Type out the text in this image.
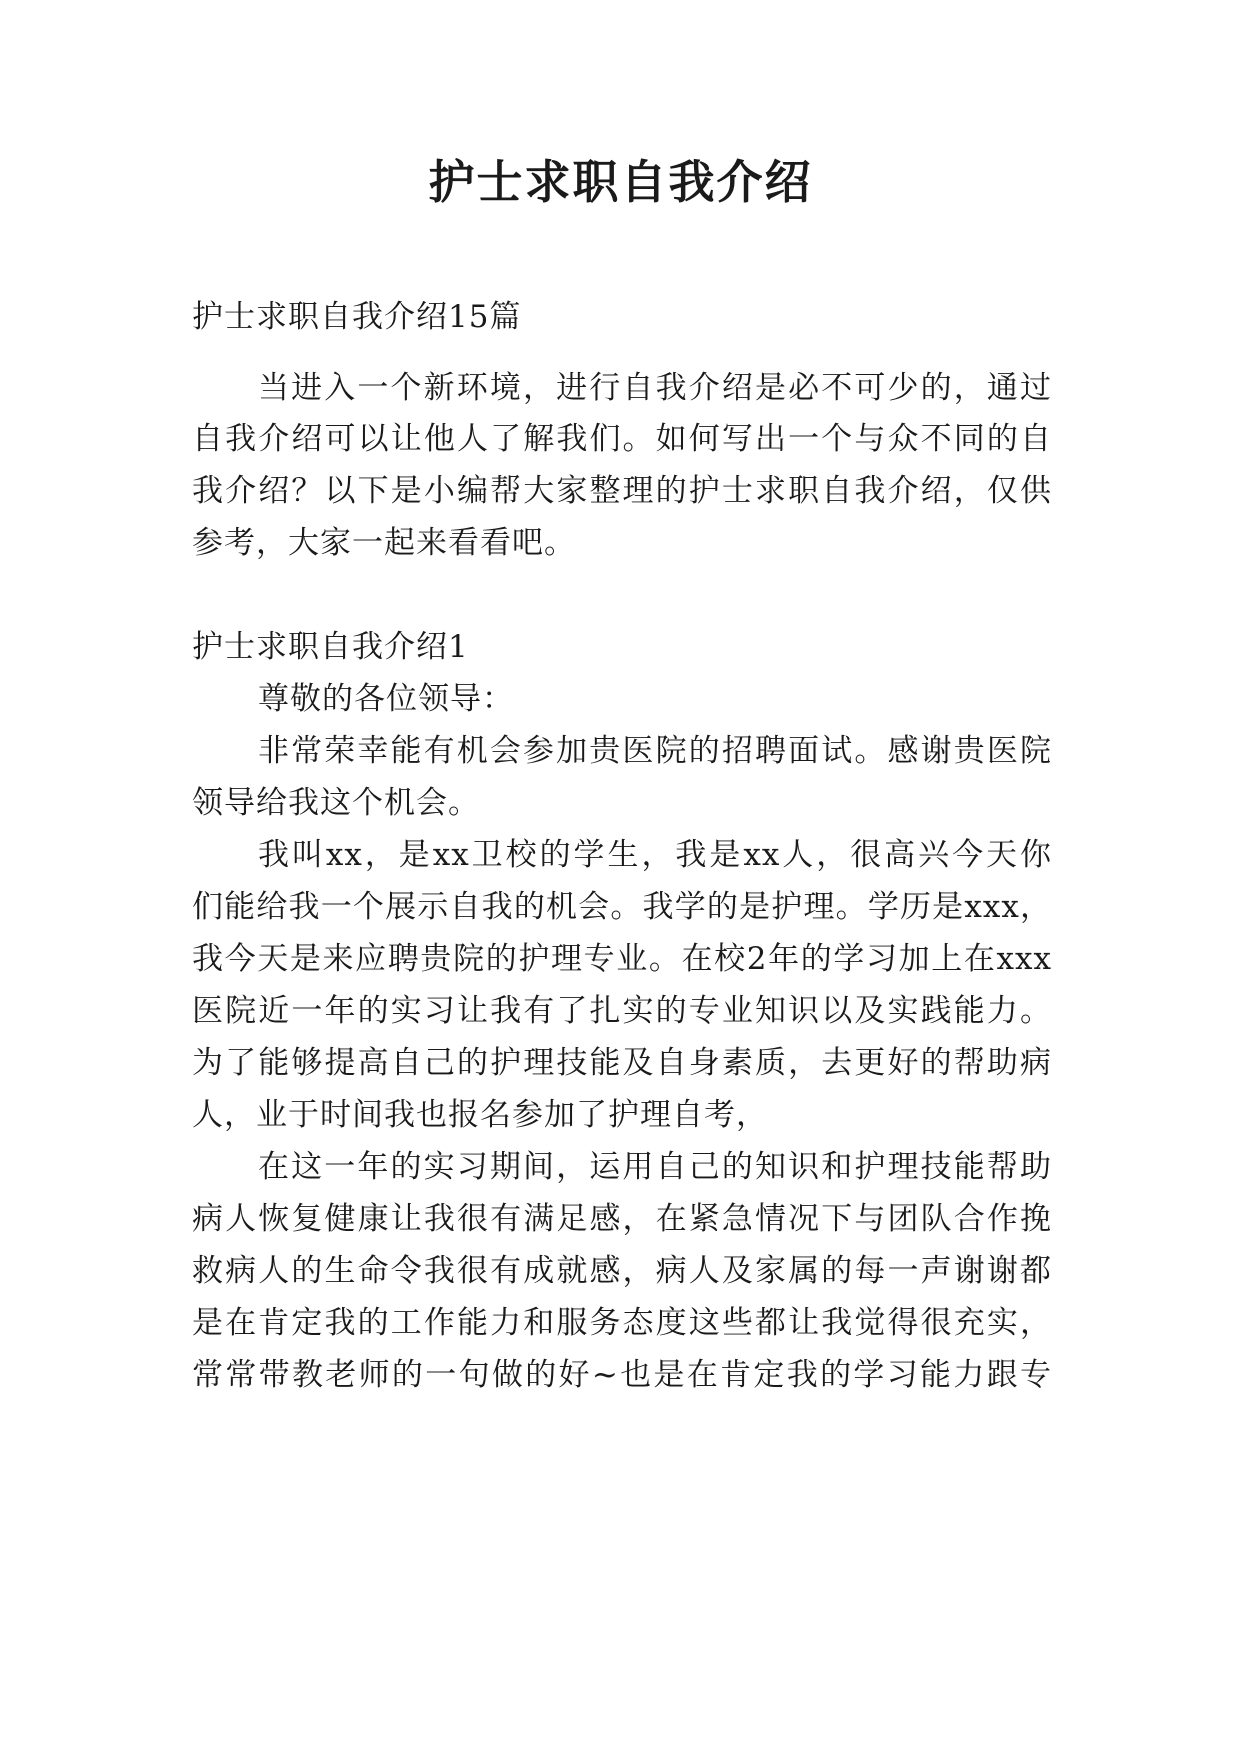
护士求职自我介绍

护士求职自我介绍15篇

当进入一个新环境，进行自我介绍是必不可少的，通过

自我介绍可以让他人了解我们。如何写出一个与众不同的自

我介绍？以下是小编帮大家整理的护士求职自我介绍，仅供

参考，大家一起来看看吧。

护士求职自我介绍1

尊敬的各位领导：

非常荣幸能有机会参加贵医院的招聘面试。感谢贵医院

领导给我这个机会。

我叫xx，是xx卫校的学生，我是xx人，很高兴今天你

们能给我一个展示自我的机会。我学的是护理。学历是xxx，

我今天是来应聘贵院的护理专业。在校2年的学习加上在xxx

医院近一年的实习让我有了扎实的专业知识以及实践能力。

为了能够提高自己的护理技能及自身素质，去更好的帮助病

人，业于时间我也报名参加了护理自考，

在这一年的实习期间，运用自己的知识和护理技能帮助

病人恢复健康让我很有满足感，在紧急情况下与团队合作挽

救病人的生命令我很有成就感，病人及家属的每一声谢谢都

是在肯定我的工作能力和服务态度这些都让我觉得很充实，

常常带教老师的一句做的好~也是在肯定我的学习能力跟专
